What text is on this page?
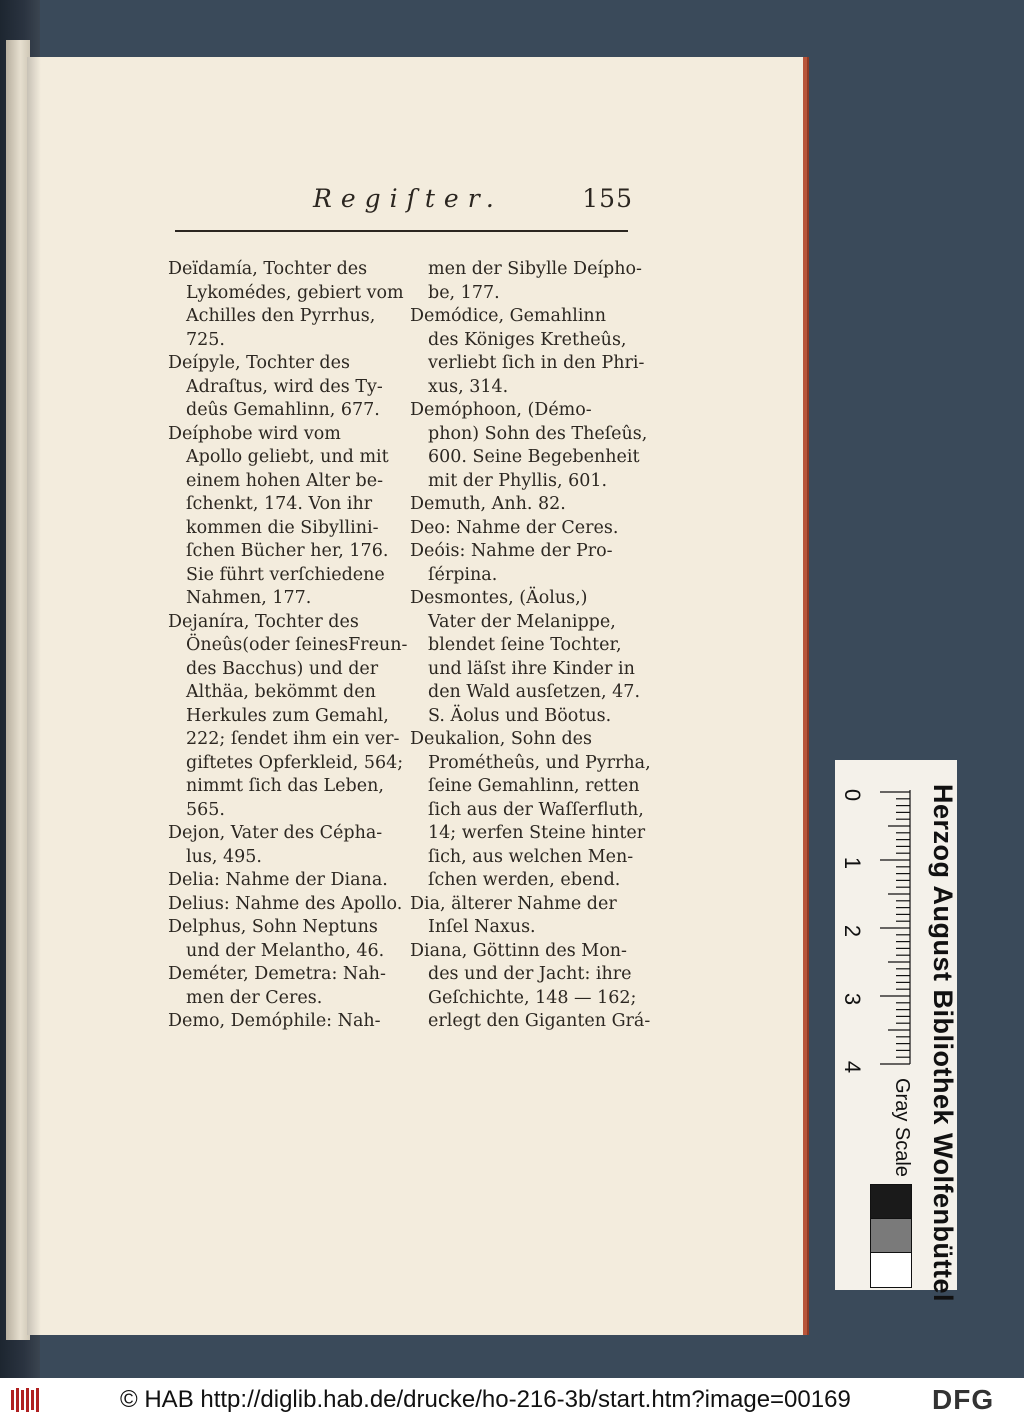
Regiſter.	155
Deïdamía, Tochter des
Lykomédes, gebiert vom
Achilles den Pyrrhus,
725.
Deípyle, Tochter des
Adraſtus, wird des Ty-
deûs Gemahlinn, 677.
Deíphobe wird vom
Apollo geliebt, und mit
einem hohen Alter be-
ſchenkt, 174. Von ihr
kommen die Sibyllini-
ſchen Bücher her, 176.
Sie führt verſchiedene
Nahmen, 177.
Dejaníra, Tochter des
Öneûs(oder ſeinesFreun-
des Bacchus) und der
Althäa, bekömmt den
Herkules zum Gemahl,
222; ſendet ihm ein ver-
giftetes Opferkleid, 564;
nimmt ſich das Leben,
565.
Dejon, Vater des Cépha-
lus, 495.
Delia: Nahme der Diana.
Delius: Nahme des Apollo.
Delphus, Sohn Neptuns
und der Melantho, 46.
Deméter, Demetra: Nah-
men der Ceres.
Demo, Demóphile: Nah-
men der Sibylle Deíphо-
be, 177.
Demódice, Gemahlinn
des Königes Kretheûs,
verliebt ſich in den Phri-
xus, 314.
Demóphoon, (Démo-
phon) Sohn des Theſeûs,
600. Seine Begebenheit
mit der Phyllis, 601.
Demuth, Anh. 82.
Deo: Nahme der Ceres.
Deóis: Nahme der Pro-
ſérpina.
Desmontes, (Äolus,)
Vater der Melanippe,
blendet ſeine Tochter,
und läſst ihre Kinder in
den Wald ausſetzen, 47.
S. Äolus und Böotus.
Deukalion, Sohn des
Prométheûs, und Pyrrha,
ſeine Gemahlinn, retten
ſich aus der Waſſerfluth,
14; werfen Steine hinter
ſich, aus welchen Men-
ſchen werden, ebend.
Dia, älterer Nahme der
Inſel Naxus.
Diana, Göttinn des Mon-
des und der Jacht: ihre
Geſchichte, 148 — 162;
erlegt den Giganten Grá-
0
1
2
3
4
Gray Scale Herzog August Bibliothek Wolfenbüttel
© HAB http://diglib.hab.de/drucke/ho-216-3b/start.htm?image=00169	DFG
